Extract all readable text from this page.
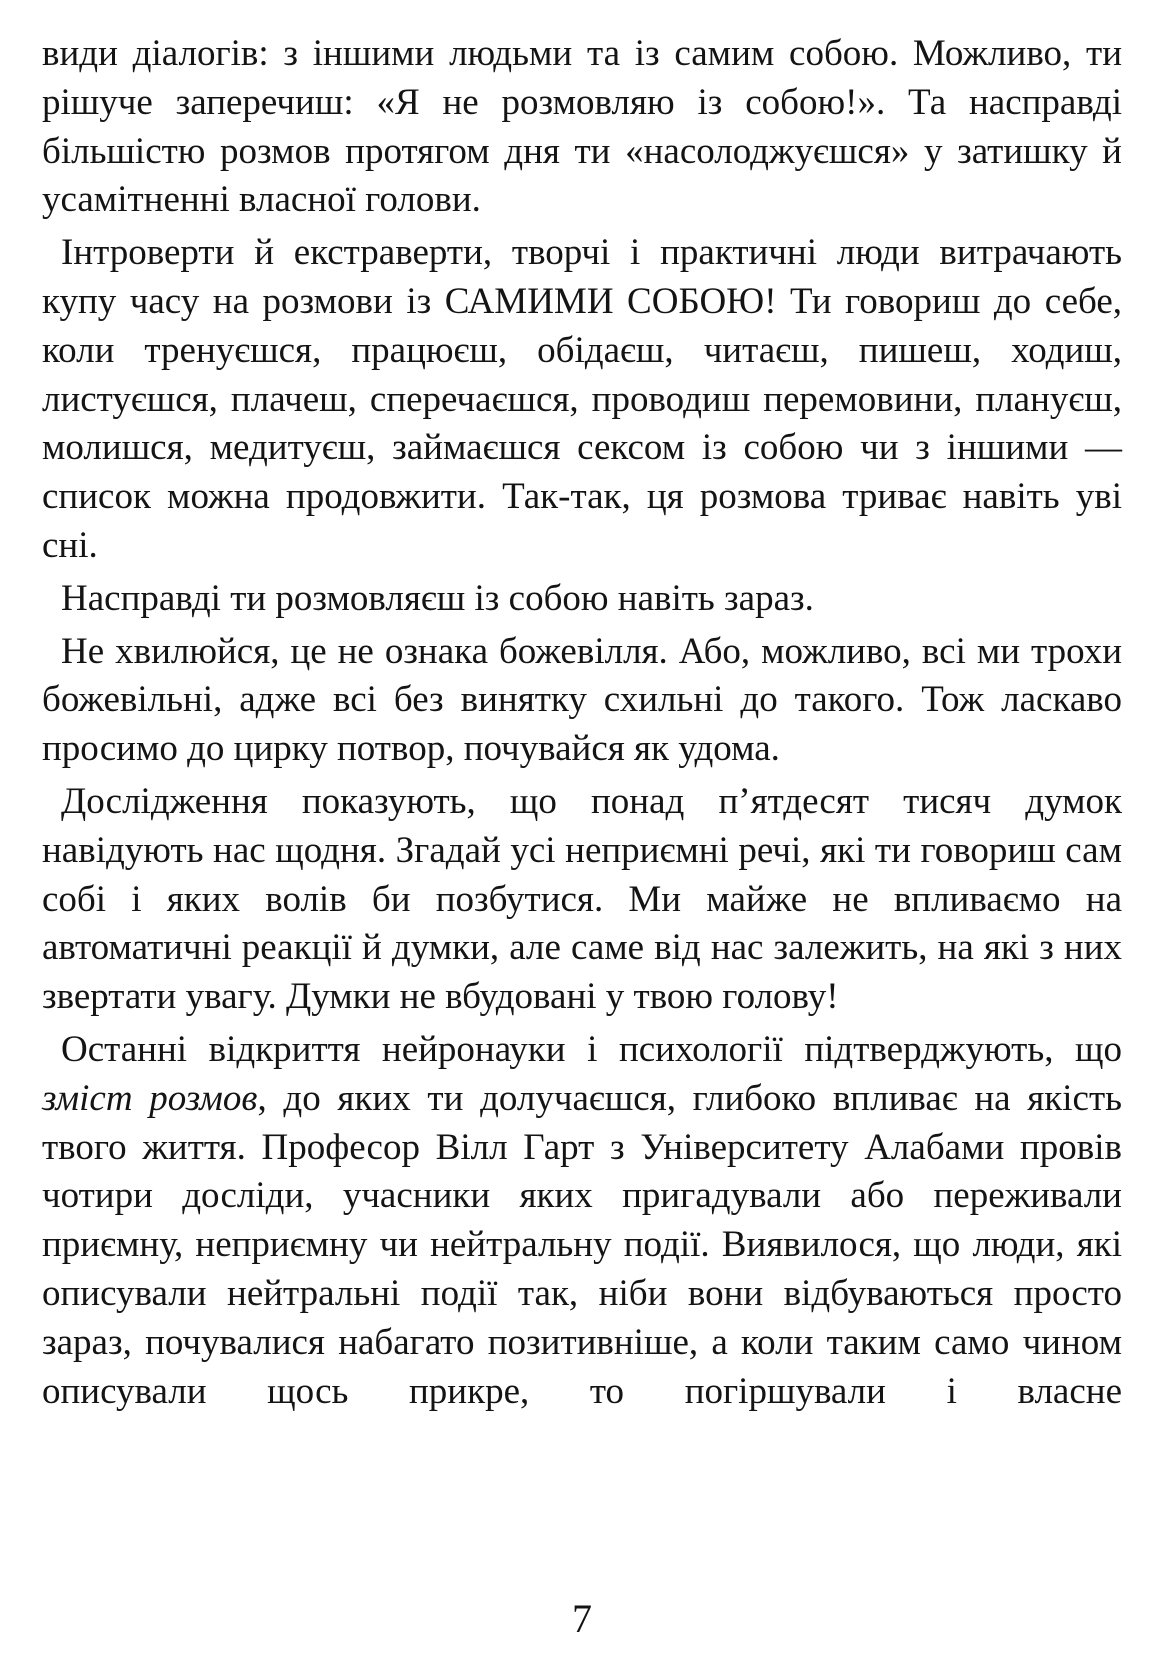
види діалогів: з іншими людьми та із самим собою. Можливо, ти рішуче заперечиш: «Я не розмовляю із собою!». Та насправді більшістю розмов протягом дня ти «насолоджуєшся» у затишку й усамітненні власної голови.

Інтроверти й екстраверти, творчі і практичні люди витрачають купу часу на розмови із САМИМИ СОБОЮ! Ти говориш до себе, коли тренуєшся, працюєш, обідаєш, читаєш, пишеш, ходиш, листуєшся, плачеш, сперечаєшся, проводиш перемовини, плануєш, молишся, медитуєш, займаєшся сексом із собою чи з іншими — список можна продовжити. Так-так, ця розмова триває навіть уві сні.

Насправді ти розмовляєш із собою навіть зараз.

Не хвилюйся, це не ознака божевілля. Або, можливо, всі ми трохи божевільні, адже всі без винятку схильні до такого. Тож ласкаво просимо до цирку потвор, почувайся як удома.

Дослідження показують, що понад п’ятдесят тисяч думок навідують нас щодня. Згадай усі неприємні речі, які ти говориш сам собі і яких волів би позбутися. Ми майже не впливаємо на автоматичні реакції й думки, але саме від нас залежить, на які з них звертати увагу. Думки не вбудовані у твою голову!

Останні відкриття нейронауки і психології підтверджують, що зміст розмов, до яких ти долучаєшся, глибоко впливає на якість твого життя. Професор Вілл Гарт з Університету Алабами провів чотири досліди, учасники яких пригадували або переживали приємну, неприємну чи нейтральну події. Виявилося, що люди, які описували нейтральні події так, ніби вони відбуваються просто зараз, почувалися набагато позитивніше, а коли таким само чином описували щось прикре, то погіршували і власне

7
